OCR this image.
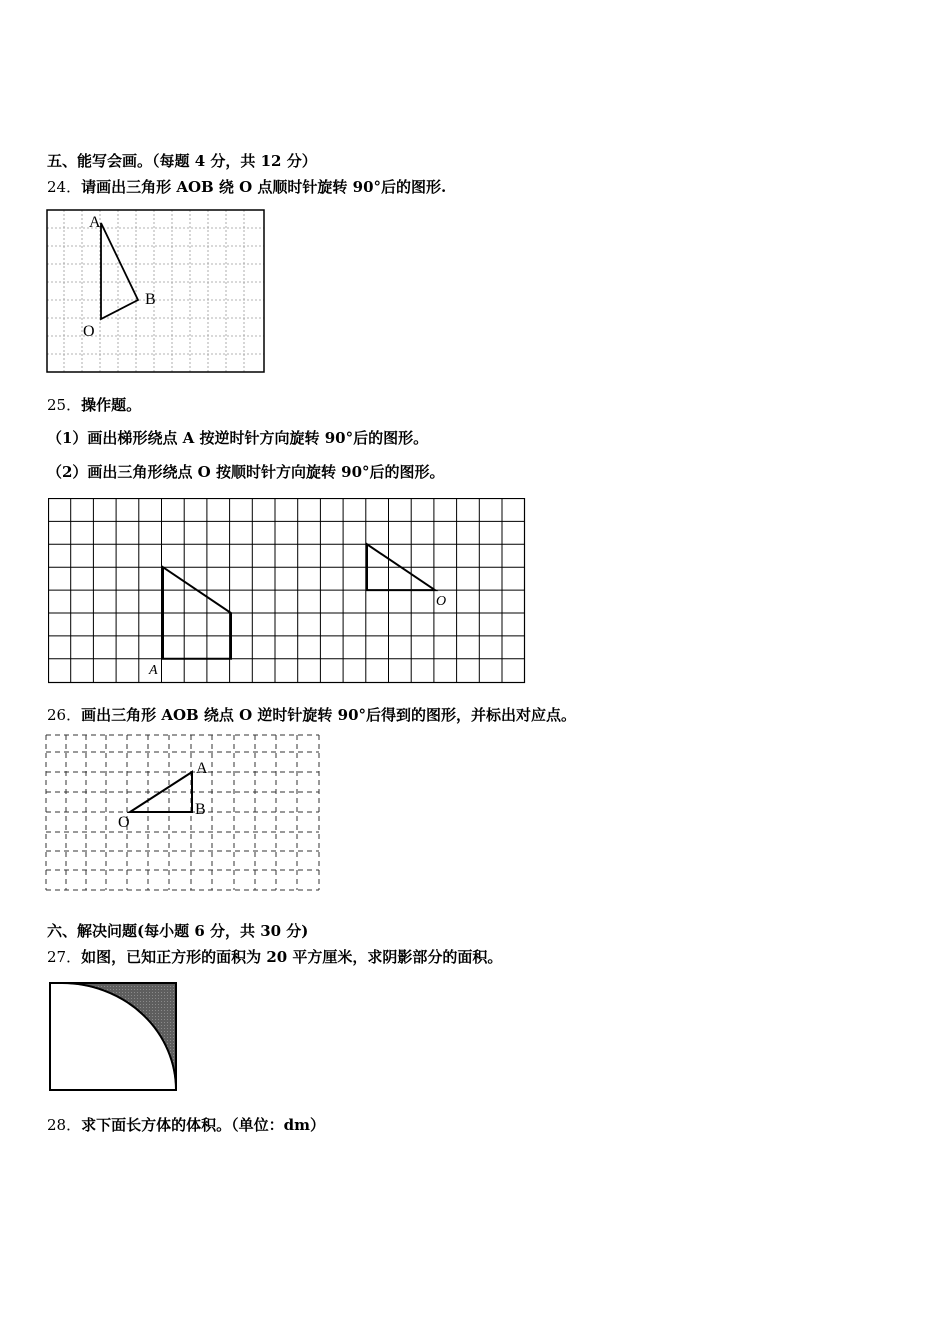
五、能写会画。（每题 4 分，共 12 分）
24．请画出三角形 AOB 绕 O 点顺时针旋转 90°后的图形.
A
B
O
25．操作题。
（1）画出梯形绕点 A 按逆时针方向旋转 90°后的图形。
（2）画出三角形绕点 O 按顺时针方向旋转 90°后的图形。
A
O
26．画出三角形 AOB 绕点 O 逆时针旋转 90°后得到的图形，并标出对应点。
A
B
O
六、解决问题(每小题 6 分，共 30 分)
27．如图，已知正方形的面积为 20 平方厘米，求阴影部分的面积。
28．求下面长方体的体积。（单位：dm）
